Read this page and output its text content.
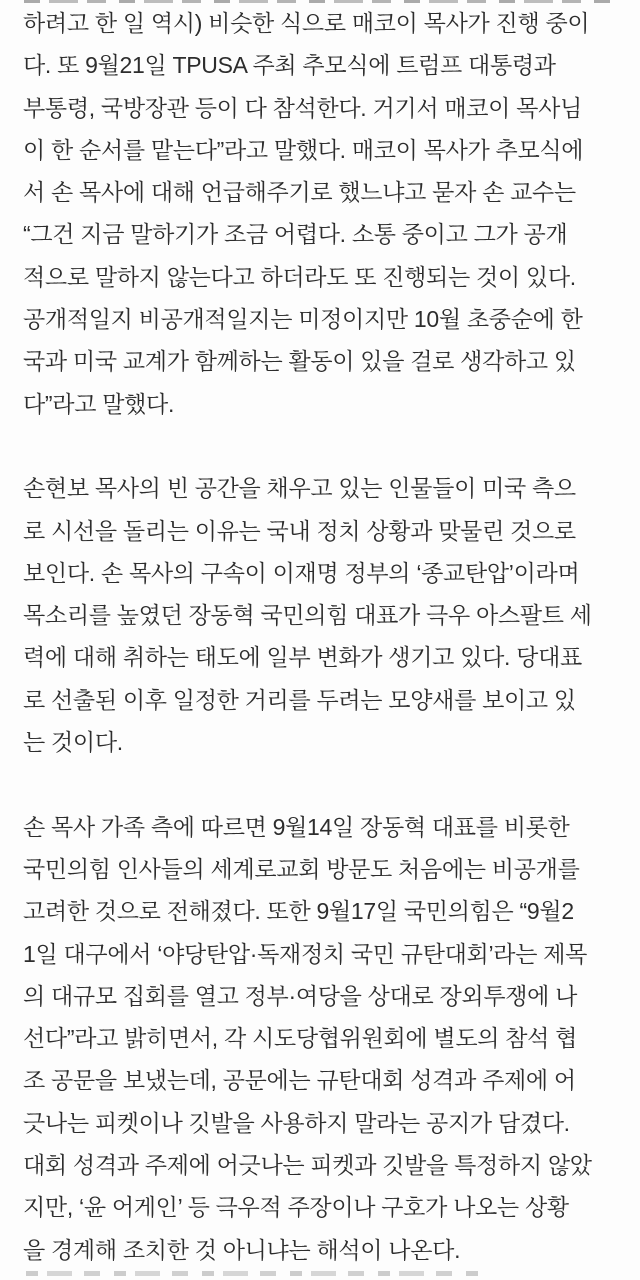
하려고 한 일 역시) 비슷한 식으로 매코이 목사가 진행 중이
다. 또 9월21일 TPUSA 주최 추모식에 트럼프 대통령과
부통령, 국방장관 등이 다 참석한다. 거기서 매코이 목사님
이 한 순서를 맡는다”라고 말했다. 매코이 목사가 추모식에
서 손 목사에 대해 언급해주기로 했느냐고 묻자 손 교수는
“그건 지금 말하기가 조금 어렵다. 소통 중이고 그가 공개
적으로 말하지 않는다고 하더라도 또 진행되는 것이 있다.
공개적일지 비공개적일지는 미정이지만 10월 초중순에 한
국과 미국 교계가 함께하는 활동이 있을 걸로 생각하고 있
다”라고 말했다.
손현보 목사의 빈 공간을 채우고 있는 인물들이 미국 측으
로 시선을 돌리는 이유는 국내 정치 상황과 맞물린 것으로
보인다. 손 목사의 구속이 이재명 정부의 ‘종교탄압’이라며
목소리를 높였던 장동혁 국민의힘 대표가 극우 아스팔트 세
력에 대해 취하는 태도에 일부 변화가 생기고 있다. 당대표
로 선출된 이후 일정한 거리를 두려는 모양새를 보이고 있
는 것이다.
손 목사 가족 측에 따르면 9월14일 장동혁 대표를 비롯한
국민의힘 인사들의 세계로교회 방문도 처음에는 비공개를
고려한 것으로 전해졌다. 또한 9월17일 국민의힘은 “9월2
1일 대구에서 ‘야당탄압·독재정치 국민 규탄대회’라는 제목
의 대규모 집회를 열고 정부·여당을 상대로 장외투쟁에 나
선다”라고 밝히면서, 각 시도당협위원회에 별도의 참석 협
조 공문을 보냈는데, 공문에는 규탄대회 성격과 주제에 어
긋나는 피켓이나 깃발을 사용하지 말라는 공지가 담겼다.
대회 성격과 주제에 어긋나는 피켓과 깃발을 특정하지 않았
지만, ‘윤 어게인’ 등 극우적 주장이나 구호가 나오는 상황
을 경계해 조치한 것 아니냐는 해석이 나온다.
